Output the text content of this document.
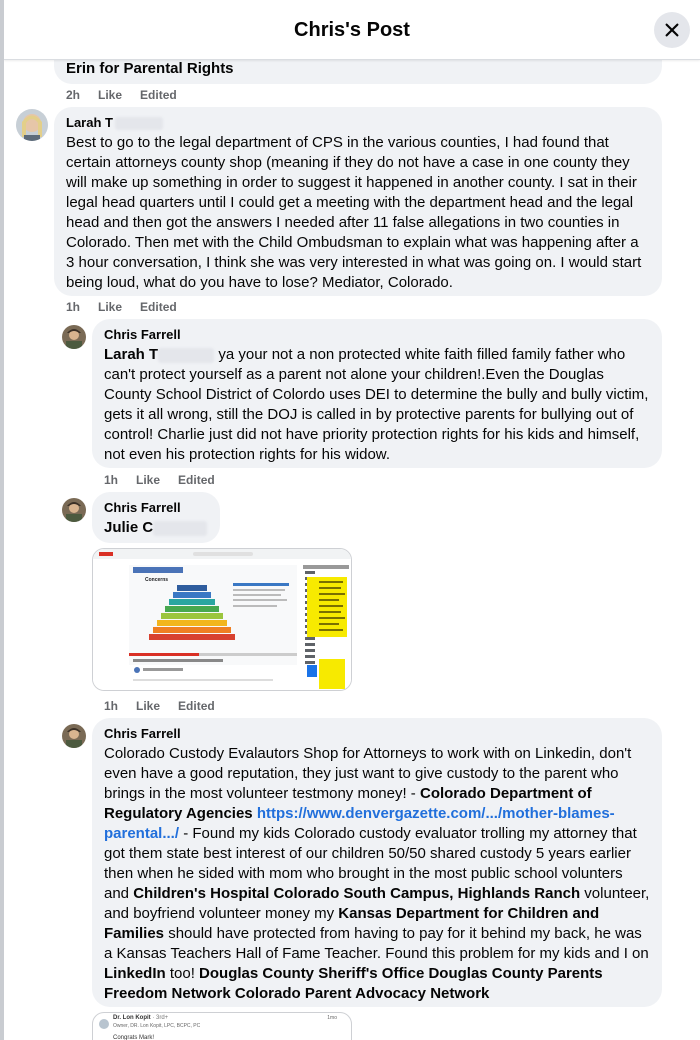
Chris's Post
Erin for Parental Rights
2h Like Edited
Larah T
Best to go to the legal department of CPS in the various counties, I had found that certain attorneys county shop (meaning if they do not have a case in one county they will make up something in order to suggest it happened in another county. I sat in their legal head quarters until I could get a meeting with the department head and the legal head and then got the answers I needed after 11 false allegations in two counties in Colorado. Then met with the Child Ombudsman to explain what was happening after a 3 hour conversation, I think she was very interested in what was going on. I would start being loud, what do you have to lose? Mediator, Colorado.
1h Like Edited
Chris Farrell
Larah T	ya your not a non protected white faith filled family father who can't protect yourself as a parent not alone your children!.Even the Douglas County School District of Colordo uses DEI to determine the bully and bully victim, gets it all wrong, still the DOJ is called in by protective parents for bullying out of control! Charlie just did not have priority protection rights for his kids and himself, not even his protection rights for his widow.
1h Like Edited
Chris Farrell
Julie C
Concerns
1h Like Edited
Chris Farrell
Colorado Custody Evalautors Shop for Attorneys to work with on Linkedin, don't even have a good reputation, they just want to give custody to the parent who brings in the most volunteer testmony money! - Colorado Department of Regulatory Agencies https://www.denvergazette.com/.../mother-blames-parental.../ - Found my kids Colorado custody evaluator trolling my attorney that got them state best interest of our children 50/50 shared custody 5 years earlier then when he sided with mom who brought in the most public school volunters and Children's Hospital Colorado South Campus, Highlands Ranch volunteer, and boyfriend volunteer money my Kansas Department for Children and Families should have protected from having to pay for it behind my back, he was a Kansas Teachers Hall of Fame Teacher. Found this problem for my kids and I on LinkedIn too! Douglas County Sheriff's Office Douglas County Parents Freedom Network Colorado Parent Advocacy Network
Dr. Lon Kopit · 3rd+
Owner, DR. Lon Kopit, LPC, BCPC, PC
1mo
Congrats Mark!
